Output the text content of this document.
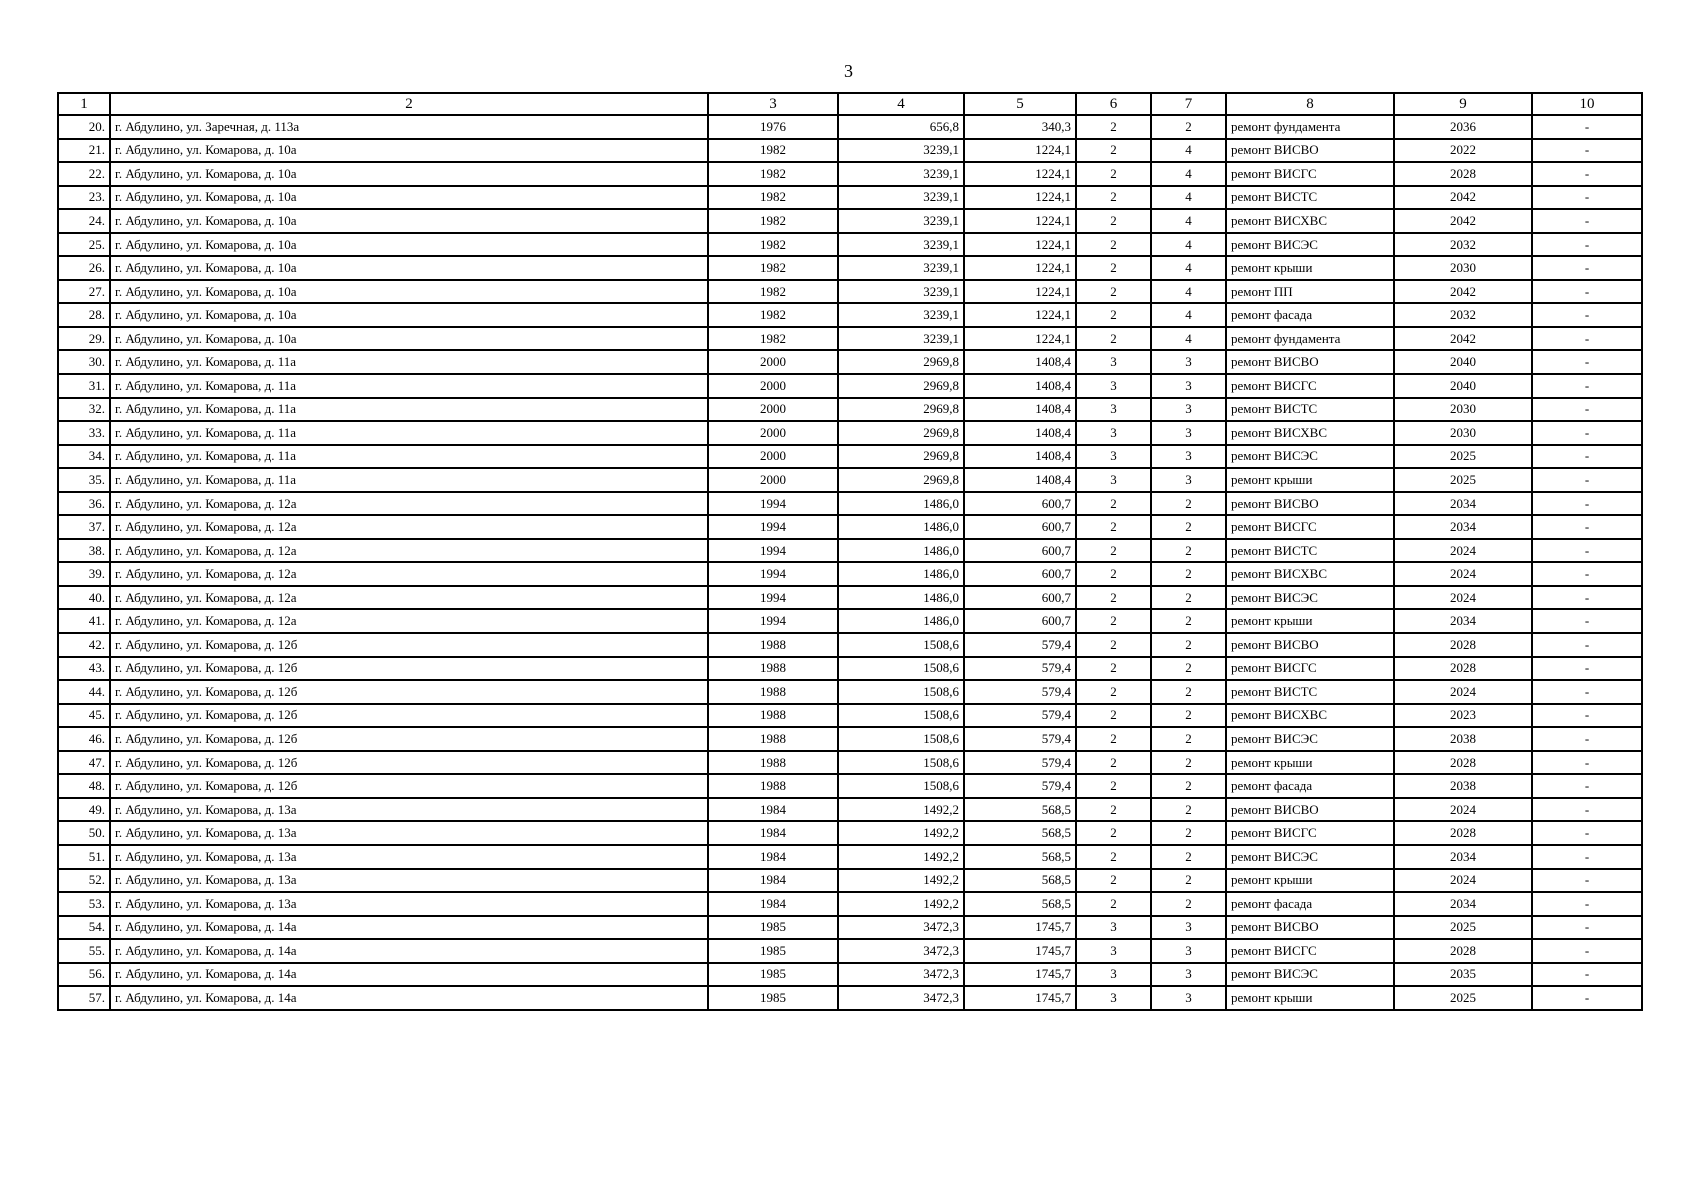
3
1	2	3	4	5	6	7	8	9	10
20.	г. Абдулино, ул. Заречная, д. 113а	1976	656,8	340,3	2	2	ремонт фундамента	2036	-
21.	г. Абдулино, ул. Комарова, д. 10а	1982	3239,1	1224,1	2	4	ремонт ВИСВО	2022	-
22.	г. Абдулино, ул. Комарова, д. 10а	1982	3239,1	1224,1	2	4	ремонт ВИСГС	2028	-
23.	г. Абдулино, ул. Комарова, д. 10а	1982	3239,1	1224,1	2	4	ремонт ВИСТС	2042	-
24.	г. Абдулино, ул. Комарова, д. 10а	1982	3239,1	1224,1	2	4	ремонт ВИСХВС	2042	-
25.	г. Абдулино, ул. Комарова, д. 10а	1982	3239,1	1224,1	2	4	ремонт ВИСЭС	2032	-
26.	г. Абдулино, ул. Комарова, д. 10а	1982	3239,1	1224,1	2	4	ремонт крыши	2030	-
27.	г. Абдулино, ул. Комарова, д. 10а	1982	3239,1	1224,1	2	4	ремонт ПП	2042	-
28.	г. Абдулино, ул. Комарова, д. 10а	1982	3239,1	1224,1	2	4	ремонт фасада	2032	-
29.	г. Абдулино, ул. Комарова, д. 10а	1982	3239,1	1224,1	2	4	ремонт фундамента	2042	-
30.	г. Абдулино, ул. Комарова, д. 11а	2000	2969,8	1408,4	3	3	ремонт ВИСВО	2040	-
31.	г. Абдулино, ул. Комарова, д. 11а	2000	2969,8	1408,4	3	3	ремонт ВИСГС	2040	-
32.	г. Абдулино, ул. Комарова, д. 11а	2000	2969,8	1408,4	3	3	ремонт ВИСТС	2030	-
33.	г. Абдулино, ул. Комарова, д. 11а	2000	2969,8	1408,4	3	3	ремонт ВИСХВС	2030	-
34.	г. Абдулино, ул. Комарова, д. 11а	2000	2969,8	1408,4	3	3	ремонт ВИСЭС	2025	-
35.	г. Абдулино, ул. Комарова, д. 11а	2000	2969,8	1408,4	3	3	ремонт крыши	2025	-
36.	г. Абдулино, ул. Комарова, д. 12а	1994	1486,0	600,7	2	2	ремонт ВИСВО	2034	-
37.	г. Абдулино, ул. Комарова, д. 12а	1994	1486,0	600,7	2	2	ремонт ВИСГС	2034	-
38.	г. Абдулино, ул. Комарова, д. 12а	1994	1486,0	600,7	2	2	ремонт ВИСТС	2024	-
39.	г. Абдулино, ул. Комарова, д. 12а	1994	1486,0	600,7	2	2	ремонт ВИСХВС	2024	-
40.	г. Абдулино, ул. Комарова, д. 12а	1994	1486,0	600,7	2	2	ремонт ВИСЭС	2024	-
41.	г. Абдулино, ул. Комарова, д. 12а	1994	1486,0	600,7	2	2	ремонт крыши	2034	-
42.	г. Абдулино, ул. Комарова, д. 12б	1988	1508,6	579,4	2	2	ремонт ВИСВО	2028	-
43.	г. Абдулино, ул. Комарова, д. 12б	1988	1508,6	579,4	2	2	ремонт ВИСГС	2028	-
44.	г. Абдулино, ул. Комарова, д. 12б	1988	1508,6	579,4	2	2	ремонт ВИСТС	2024	-
45.	г. Абдулино, ул. Комарова, д. 12б	1988	1508,6	579,4	2	2	ремонт ВИСХВС	2023	-
46.	г. Абдулино, ул. Комарова, д. 12б	1988	1508,6	579,4	2	2	ремонт ВИСЭС	2038	-
47.	г. Абдулино, ул. Комарова, д. 12б	1988	1508,6	579,4	2	2	ремонт крыши	2028	-
48.	г. Абдулино, ул. Комарова, д. 12б	1988	1508,6	579,4	2	2	ремонт фасада	2038	-
49.	г. Абдулино, ул. Комарова, д. 13а	1984	1492,2	568,5	2	2	ремонт ВИСВО	2024	-
50.	г. Абдулино, ул. Комарова, д. 13а	1984	1492,2	568,5	2	2	ремонт ВИСГС	2028	-
51.	г. Абдулино, ул. Комарова, д. 13а	1984	1492,2	568,5	2	2	ремонт ВИСЭС	2034	-
52.	г. Абдулино, ул. Комарова, д. 13а	1984	1492,2	568,5	2	2	ремонт крыши	2024	-
53.	г. Абдулино, ул. Комарова, д. 13а	1984	1492,2	568,5	2	2	ремонт фасада	2034	-
54.	г. Абдулино, ул. Комарова, д. 14а	1985	3472,3	1745,7	3	3	ремонт ВИСВО	2025	-
55.	г. Абдулино, ул. Комарова, д. 14а	1985	3472,3	1745,7	3	3	ремонт ВИСГС	2028	-
56.	г. Абдулино, ул. Комарова, д. 14а	1985	3472,3	1745,7	3	3	ремонт ВИСЭС	2035	-
57.	г. Абдулино, ул. Комарова, д. 14а	1985	3472,3	1745,7	3	3	ремонт крыши	2025	-
